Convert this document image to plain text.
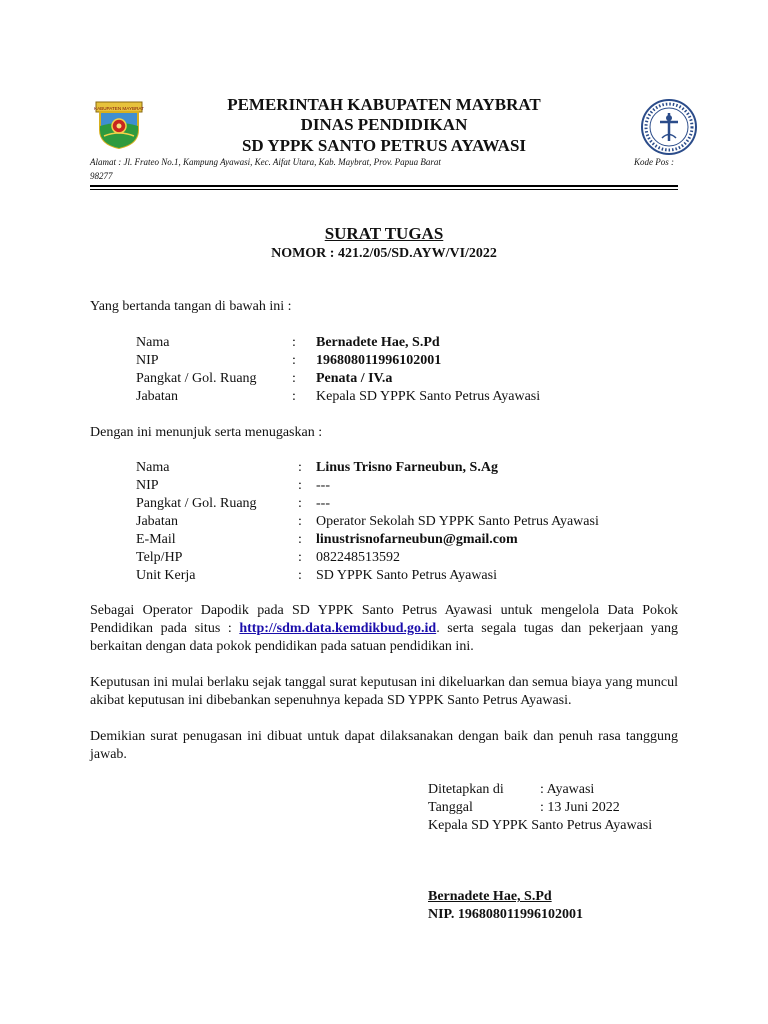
KABUPATEN MAYBRAT	PEMERINTAH KABUPATEN MAYBRAT
DINAS PENDIDIKAN
SD YPPK SANTO PETRUS AYAWASI
Alamat : Jl. Frateo No.1, Kampung Ayawasi, Kec. Aifat Utara, Kab. Maybrat, Prov. Papua Barat
98277
Kode Pos :
SURAT TUGAS
NOMOR : 421.2/05/SD.AYW/VI/2022
Yang bertanda tangan di bawah ini :
Nama	: Bernadete Hae, S.Pd
NIP	: 196808011996102001
Pangkat / Gol. Ruang	: Penata / IV.a
Jabatan	: Kepala SD YPPK Santo Petrus Ayawasi
Dengan ini menunjuk serta menugaskan :
Nama	: Linus Trisno Farneubun, S.Ag
NIP	: ---
Pangkat / Gol. Ruang	: ---
Jabatan	: Operator Sekolah SD YPPK Santo Petrus Ayawasi
E-Mail	: linustrisnofarneubun@gmail.com
Telp/HP	: 082248513592
Unit Kerja	: SD YPPK Santo Petrus Ayawasi
Sebagai Operator Dapodik pada SD YPPK Santo Petrus Ayawasi untuk mengelola Data Pokok Pendidikan pada situs : http://sdm.data.kemdikbud.go.id. serta segala tugas dan pekerjaan yang berkaitan dengan data pokok pendidikan pada satuan pendidikan ini.
Keputusan ini mulai berlaku sejak tanggal surat keputusan ini dikeluarkan dan semua biaya yang muncul akibat keputusan ini dibebankan sepenuhnya kepada SD YPPK Santo Petrus Ayawasi.
Demikian surat penugasan ini dibuat untuk dapat dilaksanakan dengan baik dan penuh rasa tanggung jawab.
Ditetapkan di	: Ayawasi
Tanggal	: 13 Juni 2022
Kepala SD YPPK Santo Petrus Ayawasi
Bernadete Hae, S.Pd
NIP. 196808011996102001
